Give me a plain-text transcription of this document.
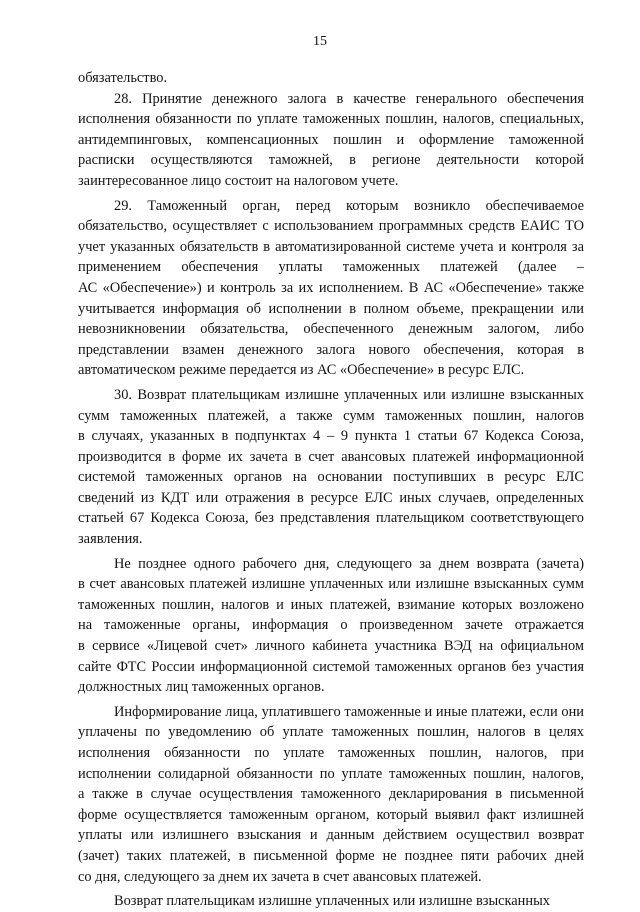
15
обязательство.
28. Принятие денежного залога в качестве генерального обеспечения
исполнения обязанности по уплате таможенных пошлин, налогов, специальных,
антидемпинговых, компенсационных пошлин и оформление таможенной
расписки осуществляются таможней, в регионе деятельности которой
заинтересованное лицо состоит на налоговом учете.
29. Таможенный орган, перед которым возникло обеспечиваемое
обязательство, осуществляет с использованием программных средств ЕАИС ТО
учет указанных обязательств в автоматизированной системе учета и контроля за
применением обеспечения уплаты таможенных платежей (далее –
АС «Обеспечение») и контроль за их исполнением. В АС «Обеспечение» также
учитывается информация об исполнении в полном объеме, прекращении или
невозникновении обязательства, обеспеченного денежным залогом, либо
представлении взамен денежного залога нового обеспечения, которая в
автоматическом режиме передается из АС «Обеспечение» в ресурс ЕЛС.
30. Возврат плательщикам излишне уплаченных или излишне взысканных
сумм таможенных платежей, а также сумм таможенных пошлин, налогов
в случаях, указанных в подпунктах 4 – 9 пункта 1 статьи 67 Кодекса Союза,
производится в форме их зачета в счет авансовых платежей информационной
системой таможенных органов на основании поступивших в ресурс ЕЛС
сведений из КДТ или отражения в ресурсе ЕЛС иных случаев, определенных
статьей 67 Кодекса Союза, без представления плательщиком соответствующего
заявления.
Не позднее одного рабочего дня, следующего за днем возврата (зачета)
в счет авансовых платежей излишне уплаченных или излишне взысканных сумм
таможенных пошлин, налогов и иных платежей, взимание которых возложено
на таможенные органы, информация о произведенном зачете отражается
в сервисе «Лицевой счет» личного кабинета участника ВЭД на официальном
сайте ФТС России информационной системой таможенных органов без участия
должностных лиц таможенных органов.
Информирование лица, уплатившего таможенные и иные платежи, если они
уплачены по уведомлению об уплате таможенных пошлин, налогов в целях
исполнения обязанности по уплате таможенных пошлин, налогов, при
исполнении солидарной обязанности по уплате таможенных пошлин, налогов,
а также в случае осуществления таможенного декларирования в письменной
форме осуществляется таможенным органом, который выявил факт излишней
уплаты или излишнего взыскания и данным действием осуществил возврат
(зачет) таких платежей, в письменной форме не позднее пяти рабочих дней
со дня, следующего за днем их зачета в счет авансовых платежей.
Возврат плательщикам излишне уплаченных или излишне взысканных
